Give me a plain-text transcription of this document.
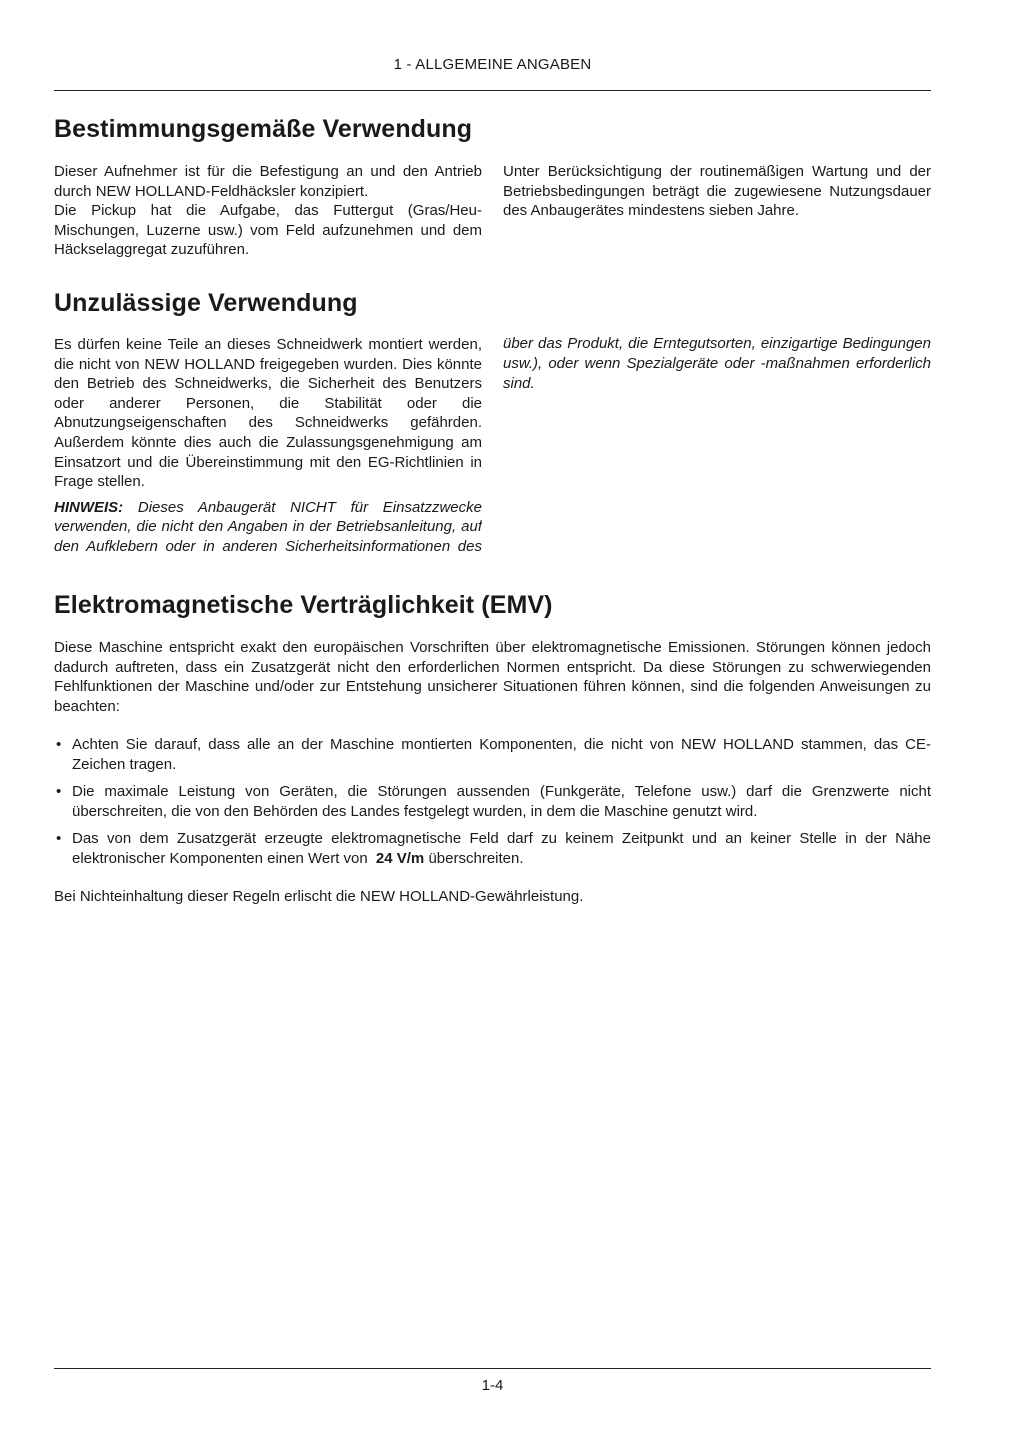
1 - ALLGEMEINE ANGABEN
Bestimmungsgemäße Verwendung

Dieser Aufnehmer ist für die Befestigung an und den Antrieb durch NEW HOLLAND-Feldhäcksler konzipiert.

Die Pickup hat die Aufgabe, das Futtergut (Gras/Heu-Mischungen, Luzerne usw.) vom Feld aufzunehmen und dem Häckselaggregat zuzuführen.

Unter Berücksichtigung der routinemäßigen Wartung und der Betriebsbedingungen beträgt die zugewiesene Nutzungsdauer des Anbaugerätes mindestens sieben Jahre.

Unzulässige Verwendung

Es dürfen keine Teile an dieses Schneidwerk montiert werden, die nicht von NEW HOLLAND freigegeben wurden. Dies könnte den Betrieb des Schneidwerks, die Sicherheit des Benutzers oder anderer Personen, die Stabilität oder die Abnutzungseigenschaften des Schneidwerks gefährden. Außerdem könnte dies auch die Zulassungsgenehmigung am Einsatzort und die Übereinstimmung mit den EG-Richtlinien in Frage stellen.

HINWEIS: Dieses Anbaugerät NICHT für Einsatzzwecke verwenden, die nicht den Angaben in der Betriebsanleitung, auf den Aufklebern oder in anderen Sicherheitsinformationen des

über das Produkt, die Erntegutsorten, einzigartige Bedingungen usw.), oder wenn Spezialgeräte oder -maßnahmen erforderlich sind.

Elektromagnetische Verträglichkeit (EMV)

Diese Maschine entspricht exakt den europäischen Vorschriften über elektromagnetische Emissionen. Störungen können jedoch dadurch auftreten, dass ein Zusatzgerät nicht den erforderlichen Normen entspricht. Da diese Störungen zu schwerwiegenden Fehlfunktionen der Maschine und/oder zur Entstehung unsicherer Situationen führen können, sind die folgenden Anweisungen zu beachten:

• Achten Sie darauf, dass alle an der Maschine montierten Komponenten, die nicht von NEW HOLLAND stammen, das CE-Zeichen tragen.
• Die maximale Leistung von Geräten, die Störungen aussenden (Funkgeräte, Telefone usw.) darf die Grenzwerte nicht überschreiten, die von den Behörden des Landes festgelegt wurden, in dem die Maschine genutzt wird.
• Das von dem Zusatzgerät erzeugte elektromagnetische Feld darf zu keinem Zeitpunkt und an keiner Stelle in der Nähe elektronischer Komponenten einen Wert von 24 V/m überschreiten.

Bei Nichteinhaltung dieser Regeln erlischt die NEW HOLLAND-Gewährleistung.

1-4
